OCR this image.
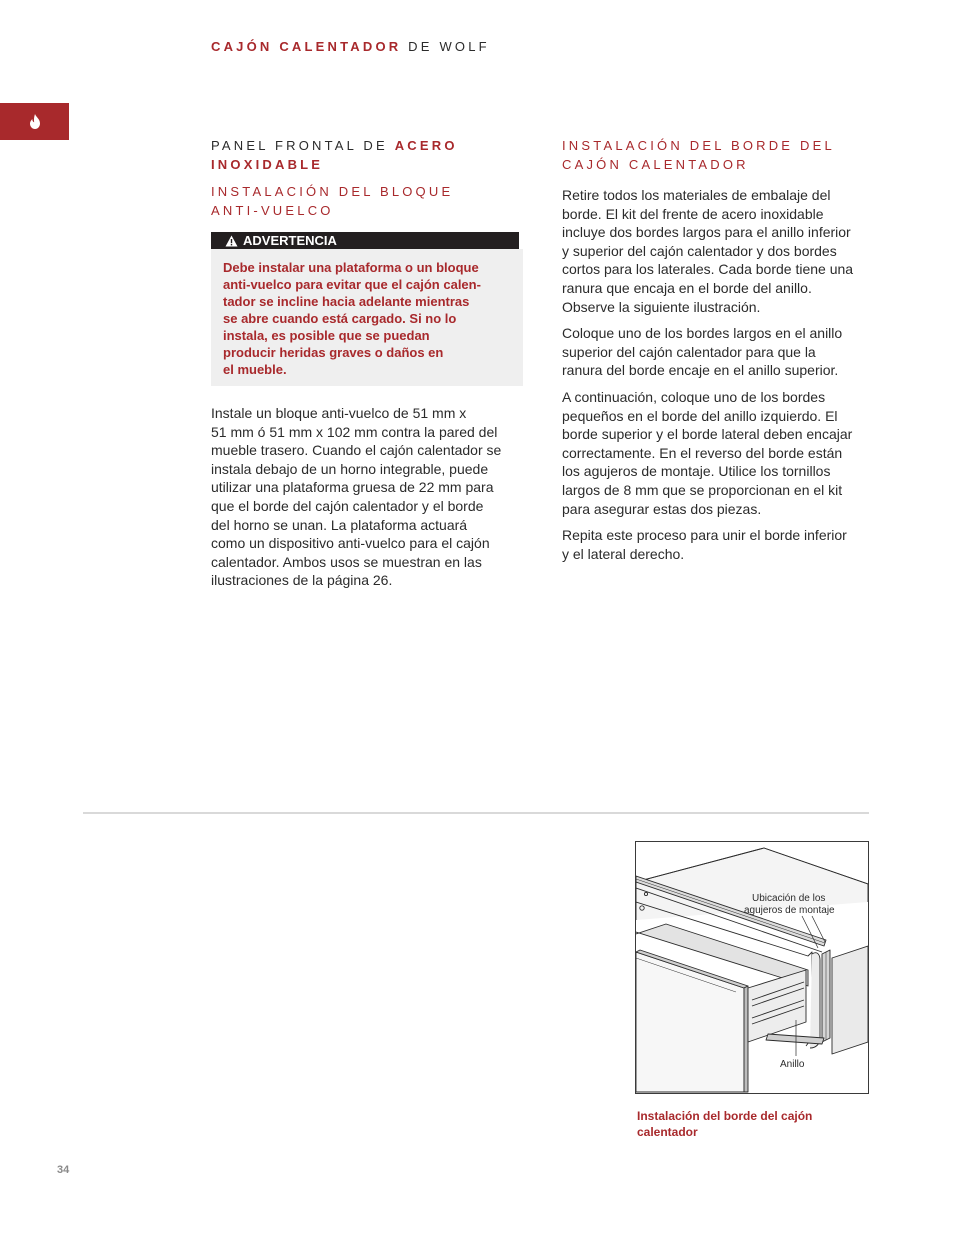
CAJÓN CALENTADOR DE WOLF
PANEL FRONTAL DE ACERO
INOXIDABLE
INSTALACIÓN DEL BLOQUE
ANTI-VUELCO
ADVERTENCIA
Debe instalar una plataforma o un bloque
anti-vuelco para evitar que el cajón calen-
tador se incline hacia adelante mientras
se abre cuando está cargado. Si no lo
instala, es posible que se puedan
producir heridas graves o daños en
el mueble.

Instale un bloque anti-vuelco de 51 mm x
51 mm ó 51 mm x 102 mm contra la pared del
mueble trasero. Cuando el cajón calentador se
instala debajo de un horno integrable, puede
utilizar una plataforma gruesa de 22 mm para
que el borde del cajón calentador y el borde
del horno se unan. La plataforma actuará
como un dispositivo anti-vuelco para el cajón
calentador. Ambos usos se muestran en las
ilustraciones de la página 26.

INSTALACIÓN DEL BORDE DEL
CAJÓN CALENTADOR

Retire todos los materiales de embalaje del
borde. El kit del frente de acero inoxidable
incluye dos bordes largos para el anillo inferior
y superior del cajón calentador y dos bordes
cortos para los laterales. Cada borde tiene una
ranura que encaja en el borde del anillo.
Observe la siguiente ilustración.

Coloque uno de los bordes largos en el anillo
superior del cajón calentador para que la
ranura del borde encaje en el anillo superior.

A continuación, coloque uno de los bordes
pequeños en el borde del anillo izquierdo. El
borde superior y el borde lateral deben encajar
correctamente. En el reverso del borde están
los agujeros de montaje. Utilice los tornillos
largos de 8 mm que se proporcionan en el kit
para asegurar estas dos piezas.

Repita este proceso para unir el borde inferior
y el lateral derecho.

Ubicación de los
agujeros de montaje
Anillo
Instalación del borde del cajón
calentador
34
